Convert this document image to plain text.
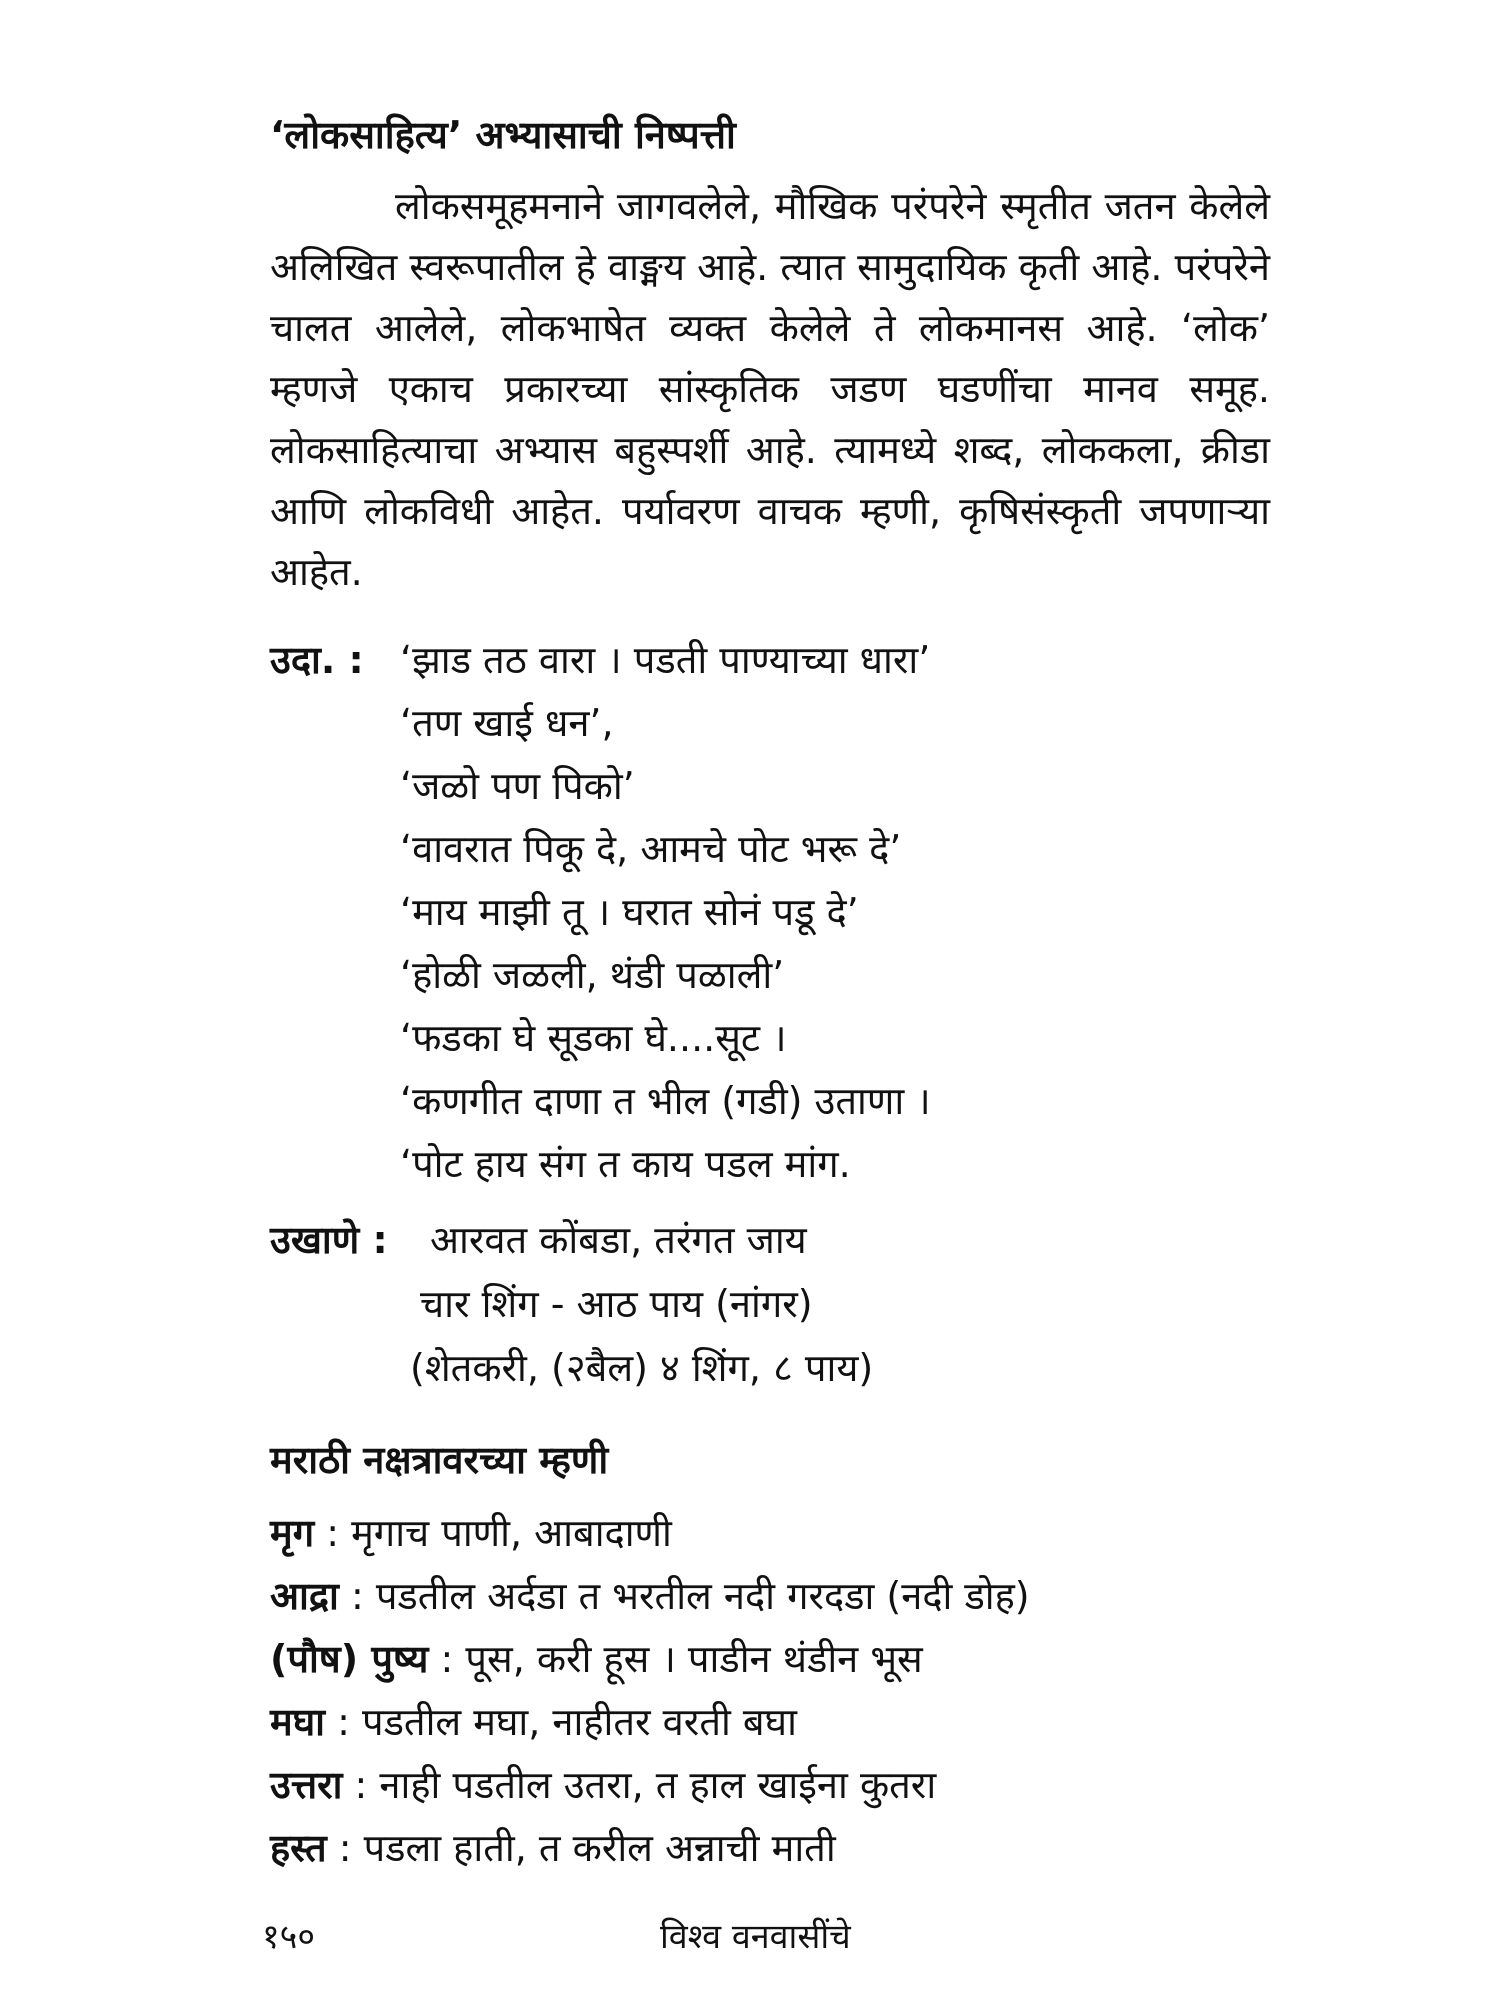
‘लोकसाहित्य’ अभ्यासाची निष्पत्ती
लोकसमूहमनाने जागवलेले, मौखिक परंपरेने स्मृतीत जतन केलेले अलिखित स्वरूपातील हे वाङ्मय आहे. त्यात सामुदायिक कृती आहे. परंपरेने चालत आलेले, लोकभाषेत व्यक्त केलेले ते लोकमानस आहे. ‘लोक’ म्हणजे एकाच प्रकारच्या सांस्कृतिक जडण घडणींचा मानव समूह. लोकसाहित्याचा अभ्यास बहुस्पर्शी आहे. त्यामध्ये शब्द, लोककला, क्रीडा आणि लोकविधी आहेत. पर्यावरण वाचक म्हणी, कृषिसंस्कृती जपणाऱ्या आहेत.
उदा. : ‘झाड तठ वारा । पडती पाण्याच्या धारा’
‘तण खाई धन’,
‘जळो पण पिको’
‘वावरात पिकू दे, आमचे पोट भरू दे’
‘माय माझी तू । घरात सोनं पडू दे’
‘होळी जळली, थंडी पळाली’
‘फडका घे सूडका घे....सूट ।
‘कणगीत दाणा त भील (गडी) उताणा ।
‘पोट हाय संग त काय पडल मांग.
उखाणे : आरवत कोंबडा, तरंगत जाय
चार शिंग - आठ पाय (नांगर)
(शेतकरी, (२बैल) ४ शिंग, ८ पाय)
मराठी नक्षत्रावरच्या म्हणी
मृग : मृगाच पाणी, आबादाणी
आद्रा : पडतील अर्दडा त भरतील नदी गरदडा (नदी डोह)
(पौष) पुष्य : पूस, करी हूस । पाडीन थंडीन भूस
मघा : पडतील मघा, नाहीतर वरती बघा
उत्तरा : नाही पडतील उतरा, त हाल खाईना कुतरा
हस्त : पडला हाती, त करील अन्नाची माती
१५०	विश्व वनवासींचे
